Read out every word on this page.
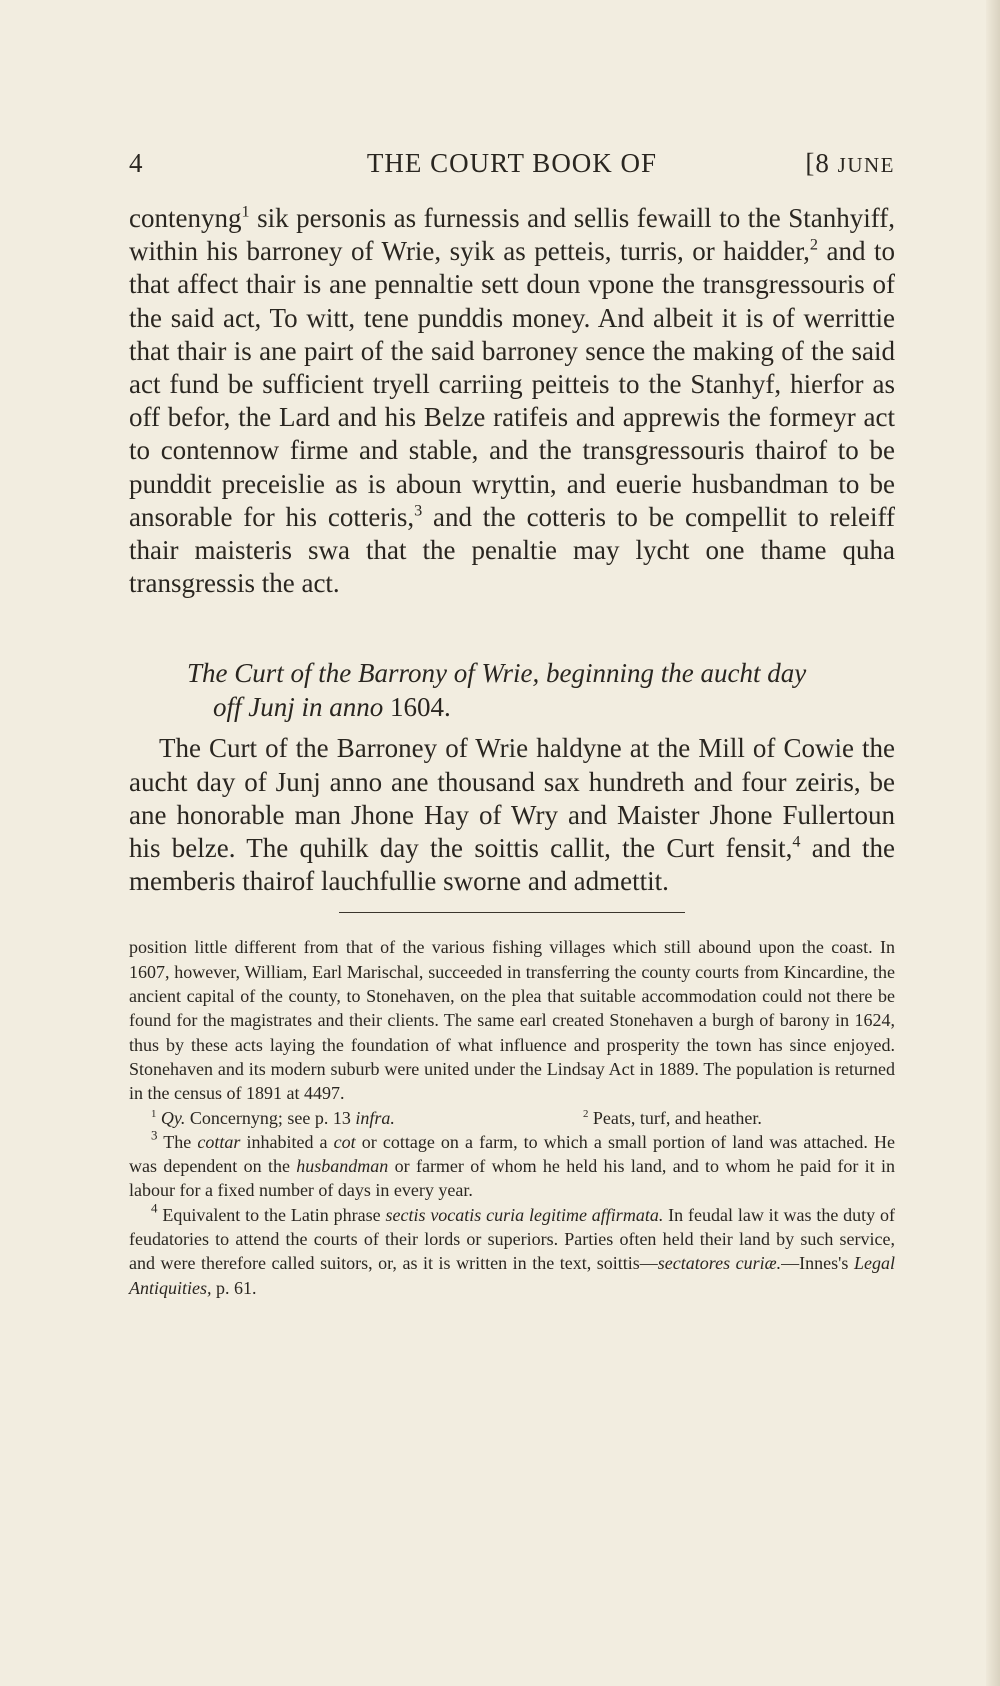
4	THE COURT BOOK OF	[8 JUNE

contenyng$^1$ sik personis as furnessis and sellis fewaill to the Stanhyiff, within his barroney of Wrie, syik as petteis, turris, or haidder,$^2$ and to that affect thair is ane pennaltie sett doun vpone the transgressouris of the said act, To witt, tene punddis money. And albeit it is of werrittie that thair is ane pairt of the said barroney sence the making of the said act fund be sufficient tryell carriing peitteis to the Stanhyf, hierfor as off befor, the Lard and his Belze ratifeis and apprewis the formeyr act to contennow firme and stable, and the transgressouris thairof to be punddit preceislie as is aboun wryttin, and euerie husbandman to be ansorable for his cotteris,$^3$ and the cotteris to be compellit to releiff thair maisteris swa that the penaltie may lycht one thame quha transgressis the act.

The Curt of the Barrony of Wrie, beginning the aucht day
off Junj in anno 1604.

The Curt of the Barroney of Wrie haldyne at the Mill of Cowie the aucht day of Junj anno ane thousand sax hundreth and four zeiris, be ane honorable man Jhone Hay of Wry and Maister Jhone Fullertoun his belze. The quhilk day the soittis callit, the Curt fensit,$^4$ and the memberis thairof lauchfullie sworne and admettit.

position little different from that of the various fishing villages which still abound upon the coast. In 1607, however, William, Earl Marischal, succeeded in transferring the county courts from Kincardine, the ancient capital of the county, to Stonehaven, on the plea that suitable accommodation could not there be found for the magistrates and their clients. The same earl created Stonehaven a burgh of barony in 1624, thus by these acts laying the foundation of what influence and prosperity the town has since enjoyed. Stonehaven and its modern suburb were united under the Lindsay Act in 1889. The population is returned in the census of 1891 at 4497.

$^1$ Qy. Concernyng; see p. 13 infra.	$^2$ Peats, turf, and heather.

$^3$ The cottar inhabited a cot or cottage on a farm, to which a small portion of land was attached. He was dependent on the husbandman or farmer of whom he held his land, and to whom he paid for it in labour for a fixed number of days in every year.

$^4$ Equivalent to the Latin phrase sectis vocatis curia legitime affirmata. In feudal law it was the duty of feudatories to attend the courts of their lords or superiors. Parties often held their land by such service, and were therefore called suitors, or, as it is written in the text, soittis—sectatores curiæ.—Innes's Legal Antiquities, p. 61.
